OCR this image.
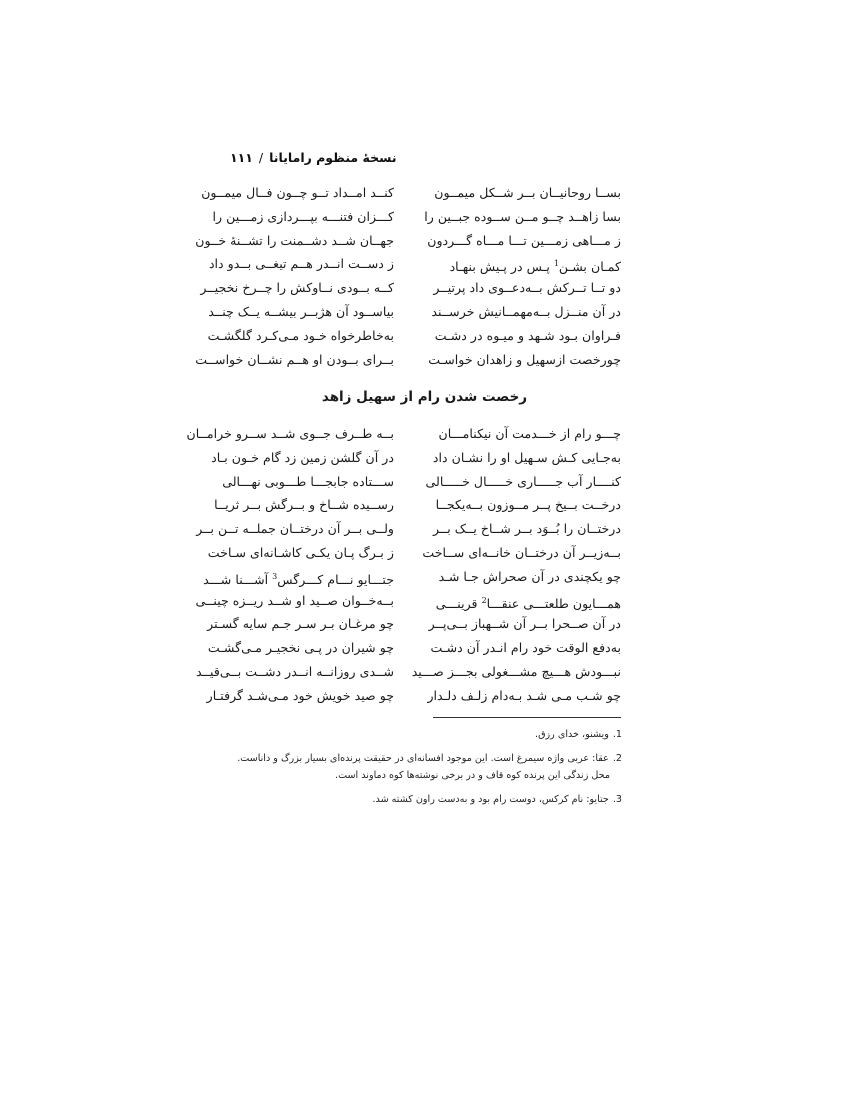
نسخهٔ منظوم رامایانا/۱۱۱
بســا روحانیــان بــر شــکل میمــون
کنــد امــداد تــو چــون فــال میمــون
بسا زاهــد چــو مــن ســوده جبــین را
کـــزان فتنـــه بپـــردازی زمـــین را
ز مـــاهی زمـــین تـــا مـــاه گـــردون
جهــان شــد دشــمنت را تشــنهٔ خــون
کمـان بشـن$^1$ پـس در پـیش بنهـاد
ز دســت انــدر هــم تیغــی بــدو داد
دو تــا تــرکش بــه‌دعــوی داد پرتیــر
کــه بــودی نــاوکش را چــرخ نخجیــر
در آن منــزل بــه‌مهمــانیش خرســند
بیاســود آن هژبــر بیشــه یــک چنــد
فـراوان بـود شـهد و میـوه در دشـت
به‌خاطرخواه خـود مـی‌کـرد گلگشـت
چورخصت ازسهیل و زاهدان خواسـت
بــرای بــودن او هــم نشــان خواســت
رخصت شدن رام از سهیل زاهد
چـــو رام از خـــدمت آن نیکنامـــان
بــه طــرف جــوی شــد ســرو خرامــان
به‌جـایی کـش سـهیل او را نشـان داد
در آن گلشن زمین زد گام خـون بـاد
کنــــار آب جـــــاری خـــــال خـــــالی
ســـتاده جابجـــا طـــوبی نهـــالی
درخــت بــیخ پــر مــوزون بــه‌یکجــا
رســیده شــاخ و بــرگش بــر ثریــا
درختــان را بُــوَد بــر شــاخ یــک بــر
ولــی بــر آن درختــان جملــه تــن بــر
بــه‌زیــر آن درختــان خانــه‌ای ســاخت
ز بـرگ پـان یکـی کاشـانه‌ای سـاخت
چو یکچندی در آن صحراش جـا شـد
جتـــایو نـــام کـــرگس$^3$ آشـــنا شـــد
همـــایون طلعتـــی عنقـــا$^2$ قرینـــی
بــه‌خــوان صــید او شــد ریــزه چینــی
در آن صــحرا بــر آن شــهباز بــی‌پــر
چو مرغـان بـر سـر جـم سایه گسـتر
به‌دفع الوقت خود رام انـدر آن دشـت
چو شیران در پـی نخجیـر مـی‌گشـت
نبـــودش هـــیچ مشـــغولی بجـــز صـــید
شــدی روزانــه انــدر دشــت بــی‌قیــد
چو شـب مـی شـد بـه‌دام زلـف دلـدار
چو صید خویش خود مـی‌شـد گرفتـار
1.ویشنو، خدای رزق.
2.عقا: عربی واژه سیمرغ است. این موجود افسانه‌ای در حقیقت پرنده‌ای بسیار بزرگ و داناست.
محل زندگی این پرنده کوه قاف و در برخی نوشته‌ها کوه دماوند است.
3.جتایو: نام کرکس، دوست رام بود و به‌دست راون کشته شد.
